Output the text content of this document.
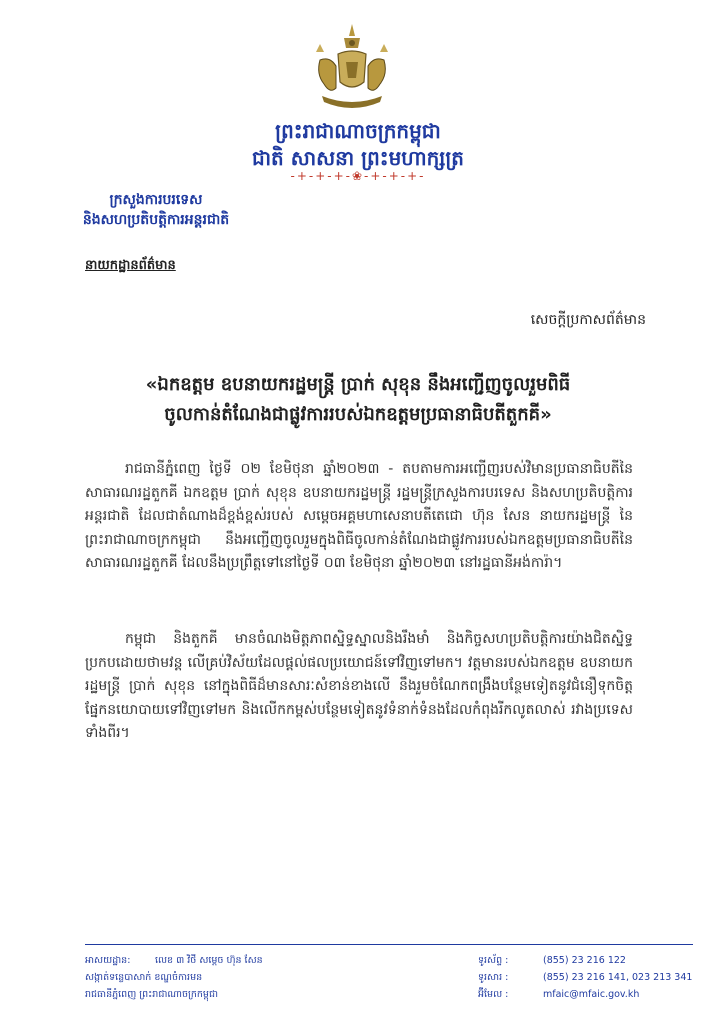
ព្រះរាជាណាចក្រកម្ពុជា
ជាតិ សាសនា ព្រះមហាក្សត្រ
-+-+-+-❀-+-+-+-
ក្រសួងការបរទេស
និងសហប្រតិបត្តិការអន្តរជាតិ
នាយកដ្ឋានព័ត៌មាន
សេចក្តីប្រកាសព័ត៌មាន
«ឯកឧត្តម ឧបនាយករដ្ឋមន្ត្រី ប្រាក់ សុខុន នឹងអញ្ជើញចូលរួមពិធី
ចូលកាន់តំណែងជាផ្លូវការរបស់ឯកឧត្តមប្រធានាធិបតីតួកគី»

រាជធានីភ្នំពេញ ថ្ងៃទី ០២ ខែមិថុនា ឆ្នាំ២០២៣ - តបតាមការអញ្ជើញរបស់វិមានប្រធានាធិបតីនៃសាធារណរដ្ឋតួកគី ឯកឧត្តម ប្រាក់ សុខុន ឧបនាយករដ្ឋមន្ត្រី រដ្ឋមន្ត្រីក្រសួងការបរទេស និងសហប្រតិបត្តិការអន្តរជាតិ ដែលជាតំណាងដ៏ខ្ពង់ខ្ពស់របស់ សម្តេចអគ្គមហាសេនាបតីតេជោ ហ៊ុន សែន នាយករដ្ឋមន្ត្រី នៃព្រះរាជាណាចក្រកម្ពុជា នឹងអញ្ជើញចូលរួមក្នុងពិធីចូលកាន់តំណែងជាផ្លូវការរបស់ឯកឧត្តមប្រធានាធិបតីនៃសាធារណរដ្ឋតួកគី ដែលនឹងប្រព្រឹត្តទៅនៅថ្ងៃទី ០៣ ខែមិថុនា ឆ្នាំ២០២៣ នៅរដ្ឋធានីអង់ការ៉ា។

កម្ពុជា និងតួកគី មានចំណងមិត្តភាពស្និទ្ធស្នាលនិងរឹងមាំ និងកិច្ចសហប្រតិបត្តិការយ៉ាងជិតស្និទ្ធប្រកបដោយថាមវន្ត លើគ្រប់វិស័យដែលផ្តល់ផលប្រយោជន៍ទៅវិញទៅមក។ វត្តមានរបស់ឯកឧត្តម ឧបនាយករដ្ឋមន្ត្រី ប្រាក់ សុខុន នៅក្នុងពិធីដ៏មានសារៈសំខាន់ខាងលើ នឹងរួមចំណែកពង្រឹងបន្ថែមទៀតនូវជំនឿទុកចិត្តផ្នែកនយោបាយទៅវិញទៅមក និងលើកកម្ពស់បន្ថែមទៀតនូវទំនាក់ទំនងដែលកំពុងរីកលូតលាស់ រវាងប្រទេសទាំងពីរ។

អាសយដ្ឋាន:	លេខ ៣ វិថី សម្តេច ហ៊ុន សែន
សង្កាត់ទន្លេបាសាក់ ខណ្ឌចំការមន
រាជធានីភ្នំពេញ ព្រះរាជាណាចក្រកម្ពុជា
ទូរស័ព្ទ :	(855) 23 216 122
ទូរសារ :	(855) 23 216 141, 023 213 341
អ៊ីមែល :	mfaic@mfaic.gov.kh
